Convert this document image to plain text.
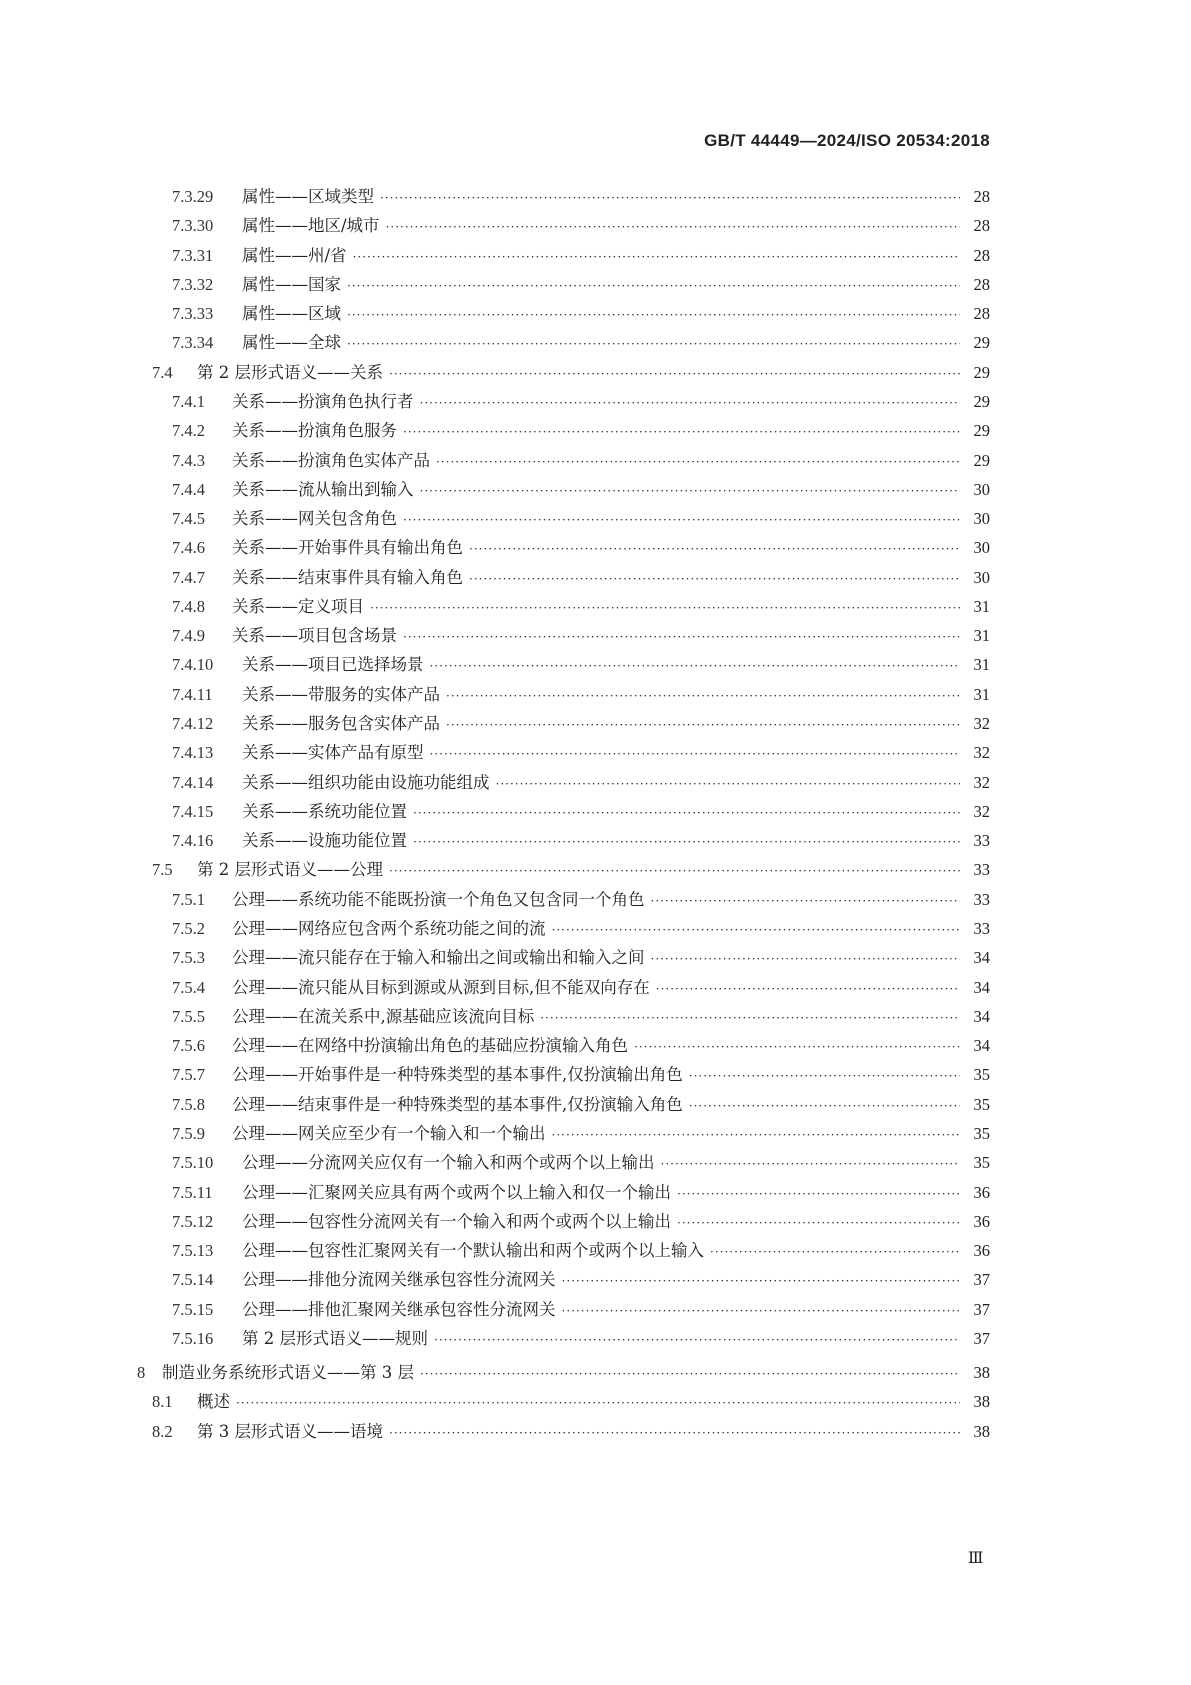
GB/T 44449—2024/ISO 20534:2018
7.3.29	属性——区域类型 ·····	28
7.3.30	属性——地区/城市 ·····	28
7.3.31	属性——州/省 ·····	28
7.3.32	属性——国家 ·····	28
7.3.33	属性——区域 ·····	28
7.3.34	属性——全球 ·····	29
7.4	第 2 层形式语义——关系 ·····	29
7.4.1	关系——扮演角色执行者 ·····	29
7.4.2	关系——扮演角色服务 ·····	29
7.4.3	关系——扮演角色实体产品 ·····	29
7.4.4	关系——流从输出到输入 ·····	30
7.4.5	关系——网关包含角色 ·····	30
7.4.6	关系——开始事件具有输出角色 ·····	30
7.4.7	关系——结束事件具有输入角色 ·····	30
7.4.8	关系——定义项目 ·····	31
7.4.9	关系——项目包含场景 ·····	31
7.4.10	关系——项目已选择场景 ·····	31
7.4.11	关系——带服务的实体产品 ·····	31
7.4.12	关系——服务包含实体产品 ·····	32
7.4.13	关系——实体产品有原型 ·····	32
7.4.14	关系——组织功能由设施功能组成 ·····	32
7.4.15	关系——系统功能位置 ·····	32
7.4.16	关系——设施功能位置 ·····	33
7.5	第 2 层形式语义——公理 ·····	33
7.5.1	公理——系统功能不能既扮演一个角色又包含同一个角色 ·····	33
7.5.2	公理——网络应包含两个系统功能之间的流 ·····	33
7.5.3	公理——流只能存在于输入和输出之间或输出和输入之间 ·····	34
7.5.4	公理——流只能从目标到源或从源到目标,但不能双向存在 ·····	34
7.5.5	公理——在流关系中,源基础应该流向目标 ·····	34
7.5.6	公理——在网络中扮演输出角色的基础应扮演输入角色 ·····	34
7.5.7	公理——开始事件是一种特殊类型的基本事件,仅扮演输出角色 ·····	35
7.5.8	公理——结束事件是一种特殊类型的基本事件,仅扮演输入角色 ·····	35
7.5.9	公理——网关应至少有一个输入和一个输出 ·····	35
7.5.10	公理——分流网关应仅有一个输入和两个或两个以上输出 ·····	35
7.5.11	公理——汇聚网关应具有两个或两个以上输入和仅一个输出 ·····	36
7.5.12	公理——包容性分流网关有一个输入和两个或两个以上输出 ·····	36
7.5.13	公理——包容性汇聚网关有一个默认输出和两个或两个以上输入 ·····	36
7.5.14	公理——排他分流网关继承包容性分流网关 ·····	37
7.5.15	公理——排他汇聚网关继承包容性分流网关 ·····	37
7.5.16	第 2 层形式语义——规则 ·····	37
8	制造业务系统形式语义——第 3 层 ·····	38
8.1	概述 ·····	38
8.2	第 3 层形式语义——语境 ·····	38
Ⅲ
